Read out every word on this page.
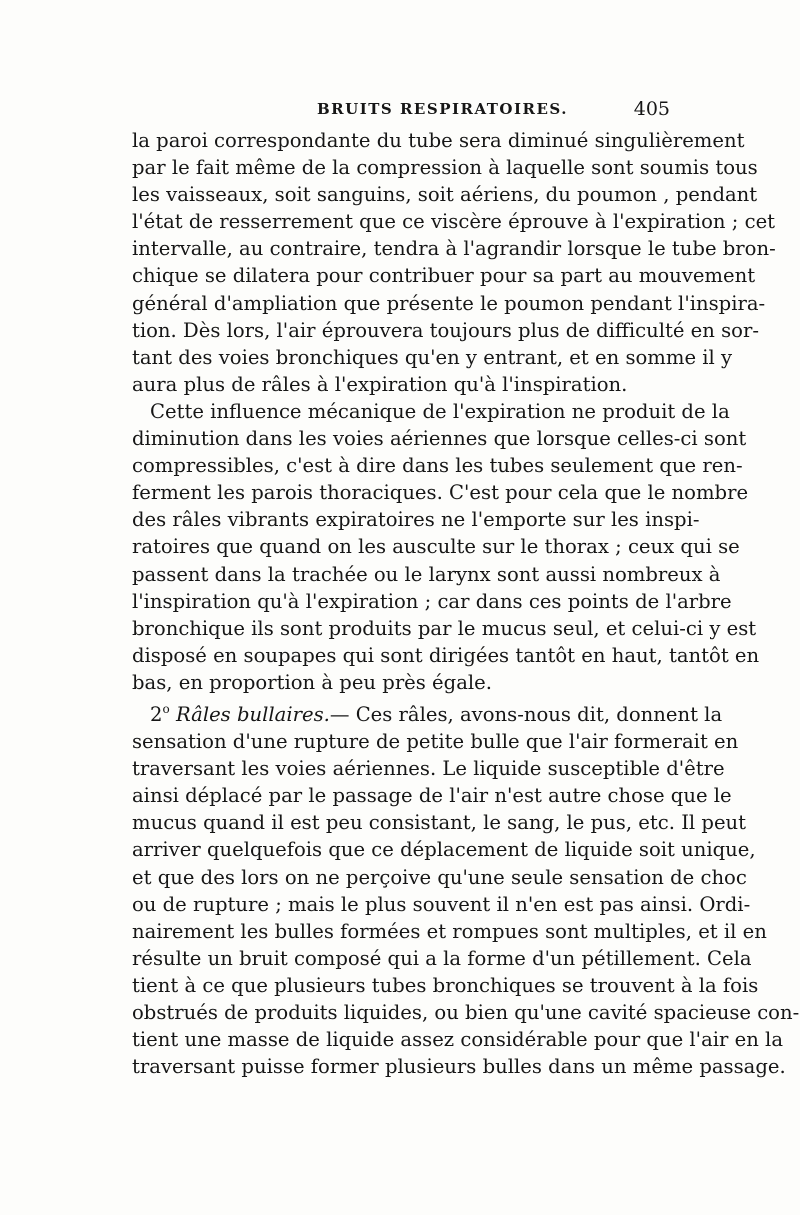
BRUITS RESPIRATOIRES.	405
la paroi correspondante du tube sera diminué singulièrement
par le fait même de la compression à laquelle sont soumis tous
les vaisseaux, soit sanguins, soit aériens, du poumon , pendant
l'état de resserrement que ce viscère éprouve à l'expiration ; cet
intervalle, au contraire, tendra à l'agrandir lorsque le tube bron-
chique se dilatera pour contribuer pour sa part au mouvement
général d'ampliation que présente le poumon pendant l'inspira-
tion. Dès lors, l'air éprouvera toujours plus de difficulté en sor-
tant des voies bronchiques qu'en y entrant, et en somme il y
aura plus de râles à l'expiration qu'à l'inspiration.
Cette influence mécanique de l'expiration ne produit de la
diminution dans les voies aériennes que lorsque celles-ci sont
compressibles, c'est à dire dans les tubes seulement que ren-
ferment les parois thoraciques. C'est pour cela que le nombre
des râles vibrants expiratoires ne l'emporte sur les inspi-
ratoires que quand on les ausculte sur le thorax ; ceux qui se
passent dans la trachée ou le larynx sont aussi nombreux à
l'inspiration qu'à l'expiration ; car dans ces points de l'arbre
bronchique ils sont produits par le mucus seul, et celui-ci y est
disposé en soupapes qui sont dirigées tantôt en haut, tantôt en
bas, en proportion à peu près égale.
2$^o$ Râles bullaires.— Ces râles, avons-nous dit, donnent la
sensation d'une rupture de petite bulle que l'air formerait en
traversant les voies aériennes. Le liquide susceptible d'être
ainsi déplacé par le passage de l'air n'est autre chose que le
mucus quand il est peu consistant, le sang, le pus, etc. Il peut
arriver quelquefois que ce déplacement de liquide soit unique,
et que des lors on ne perçoive qu'une seule sensation de choc
ou de rupture ; mais le plus souvent il n'en est pas ainsi. Ordi-
nairement les bulles formées et rompues sont multiples, et il en
résulte un bruit composé qui a la forme d'un pétillement. Cela
tient à ce que plusieurs tubes bronchiques se trouvent à la fois
obstrués de produits liquides, ou bien qu'une cavité spacieuse con-
tient une masse de liquide assez considérable pour que l'air en la
traversant puisse former plusieurs bulles dans un même passage.
